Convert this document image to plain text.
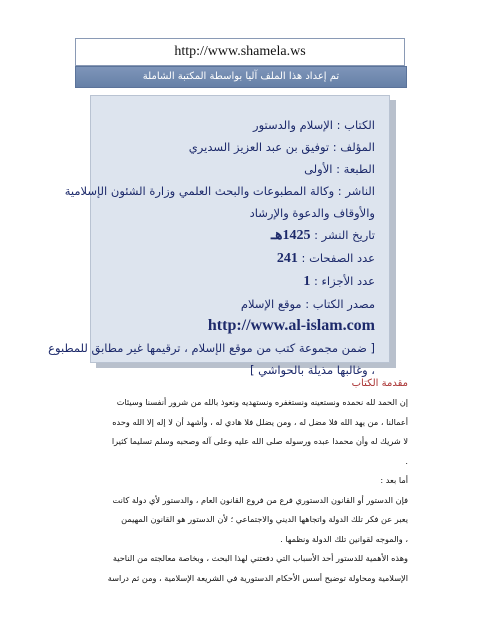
http://www.shamela.ws
تم إعداد هذا الملف آليا بواسطة المكتبة الشاملة
الكتاب : الإسلام والدستور
المؤلف : توفيق بن عبد العزيز السديري
الطبعة : الأولى
الناشر : وكالة المطبوعات والبحث العلمي وزارة الشئون الإسلامية
والأوقاف والدعوة والإرشاد
تاريخ النشر : 1425هـ
عدد الصفحات : 241
عدد الأجزاء : 1
مصدر الكتاب : موقع الإسلام
http://www.al-islam.com
[ ضمن مجموعة كتب من موقع الإسلام ، ترقيمها غير مطابق للمطبوع
، وغالبها مذيلة بالحواشي ]
مقدمة الكتاب
إن الحمد لله نحمده ونستعينه ونستغفره ونستهديه ونعوذ بالله من شرور أنفسنا وسيئات
أعمالنا ، من يهد الله فلا مضل له ، ومن يضلل فلا هادي له ، وأشهد أن لا إله إلا الله وحده
لا شريك له وأن محمدا عبده ورسوله صلى الله عليه وعلى آله وصحبه وسلم تسليما كثيرا
.
أما بعد :
فإن الدستور أو القانون الدستوري فرع من فروع القانون العام ، والدستور لأي دولة كانت
يعبر عن فكر تلك الدولة واتجاهها الديني والاجتماعي ؛ لأن الدستور هو القانون المهيمن
، والموجه لقوانين تلك الدولة ونظمها .
وهذه الأهمية للدستور أحد الأسباب التي دفعتني لهذا البحث ، وبخاصة معالجته من الناحية
الإسلامية ومحاولة توضيح أسس الأحكام الدستورية في الشريعة الإسلامية ، ومن ثم دراسة
